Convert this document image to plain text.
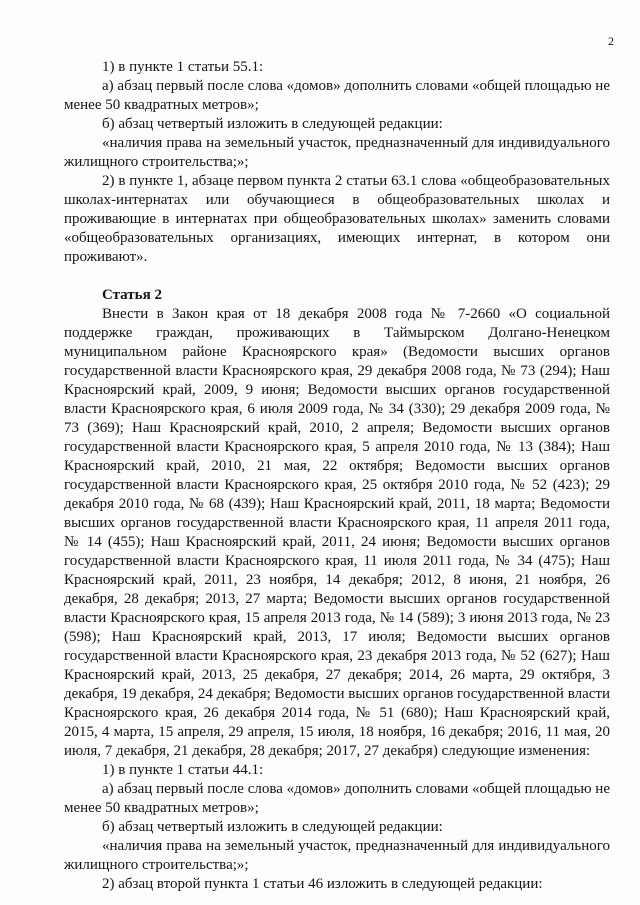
2

1) в пункте 1 статьи 55.1:

а) абзац первый после слова «домов» дополнить словами «общей площадью не менее 50 квадратных метров»;

б) абзац четвертый изложить в следующей редакции:

«наличия права на земельный участок, предназначенный для индивидуального жилищного строительства;»;

2) в пункте 1, абзаце первом пункта 2 статьи 63.1 слова «общеобразовательных школах-интернатах или обучающиеся в общеобразовательных школах и проживающие в интернатах при общеобразовательных школах» заменить словами «общеобразовательных организациях, имеющих интернат, в котором они проживают».

Статья 2

Внести в Закон края от 18 декабря 2008 года № 7-2660 «О социальной поддержке граждан, проживающих в Таймырском Долгано-Ненецком муниципальном районе Красноярского края» (Ведомости высших органов государственной власти Красноярского края, 29 декабря 2008 года, № 73 (294); Наш Красноярский край, 2009, 9 июня; Ведомости высших органов государственной власти Красноярского края, 6 июля 2009 года, № 34 (330); 29 декабря 2009 года, № 73 (369); Наш Красноярский край, 2010, 2 апреля; Ведомости высших органов государственной власти Красноярского края, 5 апреля 2010 года, № 13 (384); Наш Красноярский край, 2010, 21 мая, 22 октября; Ведомости высших органов государственной власти Красноярского края, 25 октября 2010 года, № 52 (423); 29 декабря 2010 года, № 68 (439); Наш Красноярский край, 2011, 18 марта; Ведомости высших органов государственной власти Красноярского края, 11 апреля 2011 года, № 14 (455); Наш Красноярский край, 2011, 24 июня; Ведомости высших органов государственной власти Красноярского края, 11 июля 2011 года, № 34 (475); Наш Красноярский край, 2011, 23 ноября, 14 декабря; 2012, 8 июня, 21 ноября, 26 декабря, 28 декабря; 2013, 27 марта; Ведомости высших органов государственной власти Красноярского края, 15 апреля 2013 года, № 14 (589); 3 июня 2013 года, № 23 (598); Наш Красноярский край, 2013, 17 июля; Ведомости высших органов государственной власти Красноярского края, 23 декабря 2013 года, № 52 (627); Наш Красноярский край, 2013, 25 декабря, 27 декабря; 2014, 26 марта, 29 октября, 3 декабря, 19 декабря, 24 декабря; Ведомости высших органов государственной власти Красноярского края, 26 декабря 2014 года, № 51 (680); Наш Красноярский край, 2015, 4 марта, 15 апреля, 29 апреля, 15 июля, 18 ноября, 16 декабря; 2016, 11 мая, 20 июля, 7 декабря, 21 декабря, 28 декабря; 2017, 27 декабря) следующие изменения:

1) в пункте 1 статьи 44.1:

а) абзац первый после слова «домов» дополнить словами «общей площадью не менее 50 квадратных метров»;

б) абзац четвертый изложить в следующей редакции:

«наличия права на земельный участок, предназначенный для индивидуального жилищного строительства;»;

2) абзац второй пункта 1 статьи 46 изложить в следующей редакции:
